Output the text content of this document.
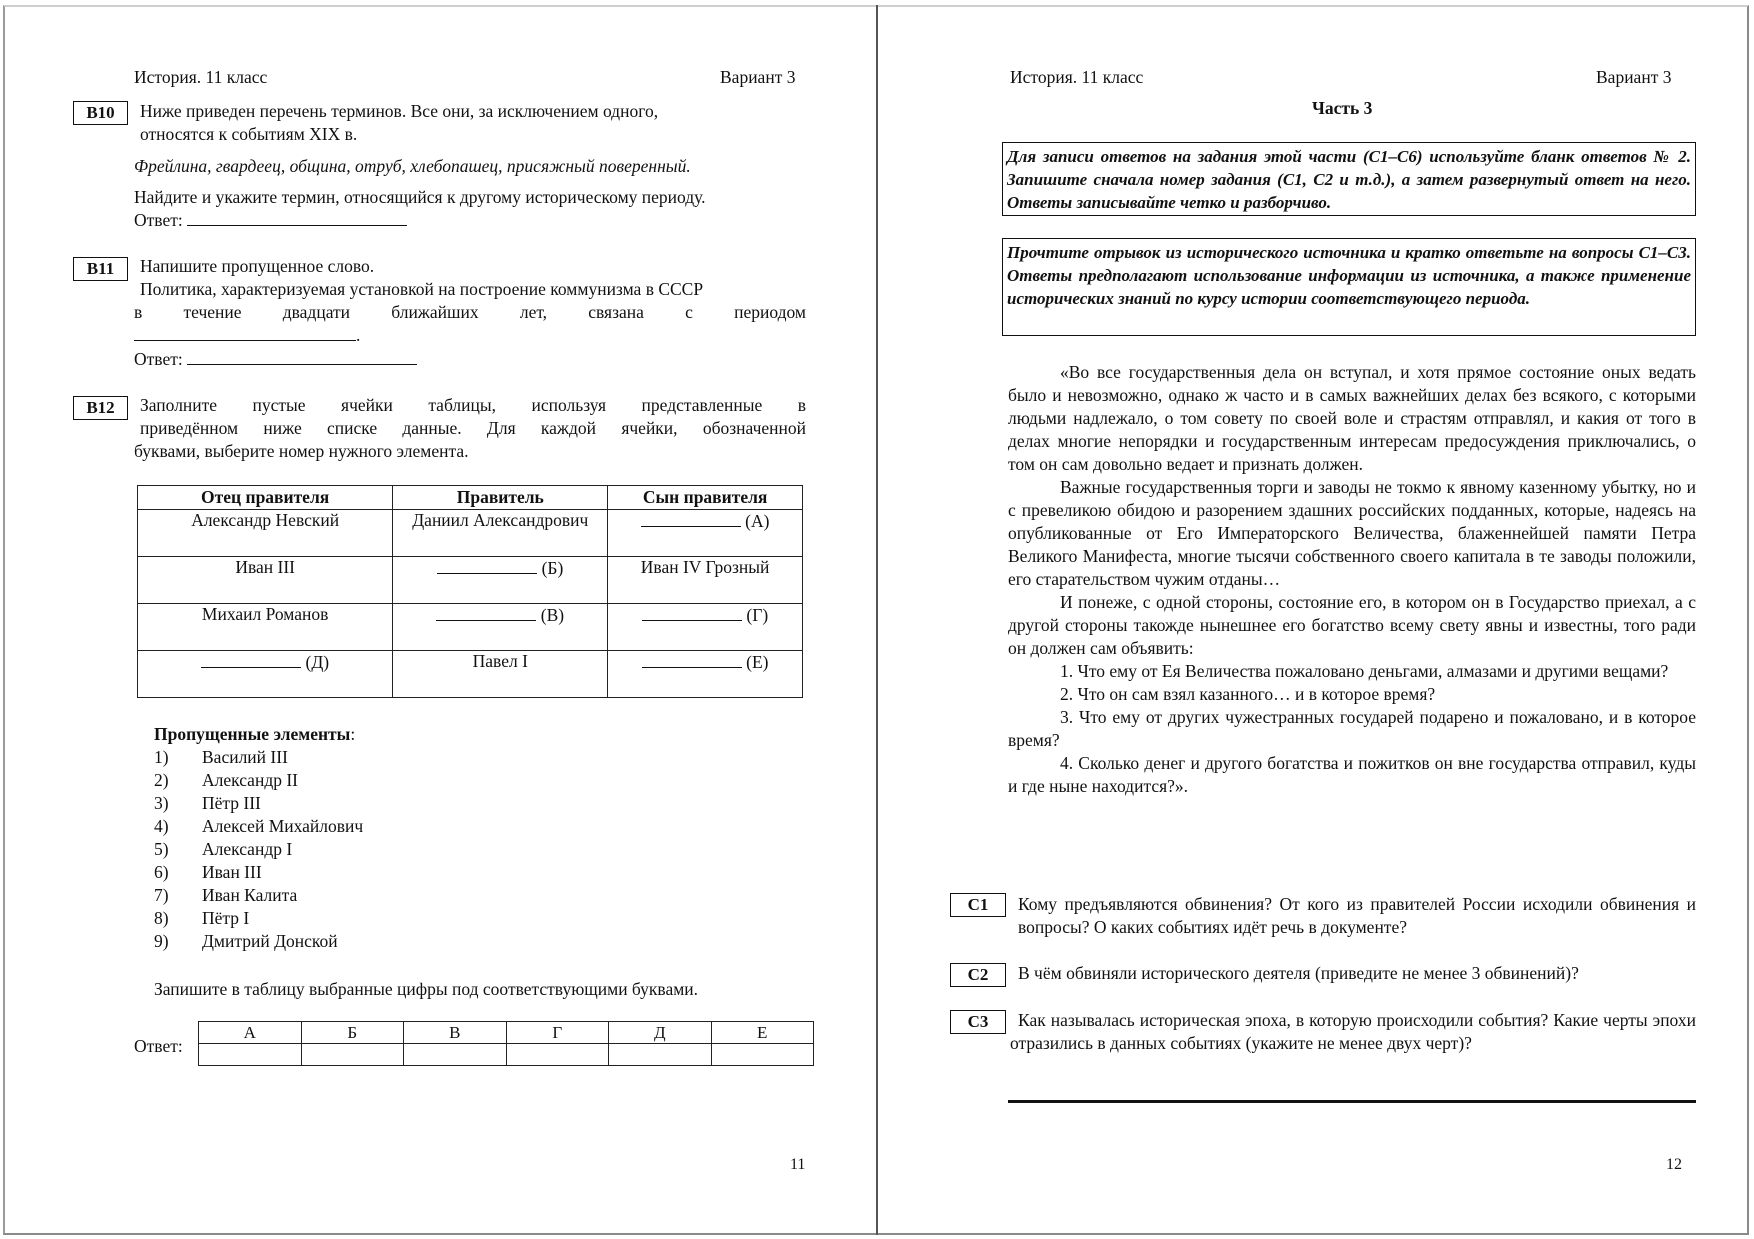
История. 11 класс	Вариант 3
B10	Ниже приведен перечень терминов. Все они, за исключением одного,
относятся к событиям XIX в.
Фрейлина, гвардеец, община, отруб, хлебопашец, присяжный поверенный.
Найдите и укажите термин, относящийся к другому историческому периоду.
Ответ:
B11	Напишите пропущенное слово.
Политика, характеризуемая установкой на построение коммунизма в СССР
в течение двадцати ближайших лет, связана с периодом
.
Ответ:
B12	Заполните пустые ячейки таблицы, используя представленные в
приведённом ниже списке данные. Для каждой ячейки, обозначенной
буквами, выберите номер нужного элемента.
Отец правителя	Правитель	Сын правителя
Александр Невский	Даниил Александрович	(А)
Иван III	(Б)	Иван IV Грозный
Михаил Романов	(В)	(Г)
(Д)	Павел I	(Е)
Пропущенные элементы:
1) Василий III
2) Александр II
3) Пётр III
4) Алексей Михайлович
5) Александр I
6) Иван III
7) Иван Калита
8) Пётр I
9) Дмитрий Донской
Запишите в таблицу выбранные цифры под соответствующими буквами.
Ответ:
А	Б	В	Г	Д	Е

11
История. 11 класс	Вариант 3
Часть 3
Для записи ответов на задания этой части (С1–С6) используйте бланк ответов № 2. Запишите сначала номер задания (С1, С2 и т.д.), а затем развернутый ответ на него. Ответы записывайте четко и разборчиво.
Прочтите отрывок из исторического источника и кратко ответьте на вопросы С1–С3. Ответы предполагают использование информации из источника, а также применение исторических знаний по курсу истории соответствующего периода.

«Во все государственныя дела он вступал, и хотя прямое состояние оных ведать было и невозможно, однако ж часто и в самых важнейших делах без всякого, с которыми людьми надлежало, о том совету по своей воле и страстям отправлял, и какия от того в делах многие непорядки и государственным интересам предосуждения приключались, о том он сам довольно ведает и признать должен.

Важные государственныя торги и заводы не токмо к явному казенному убытку, но и с превеликою обидою и разорением здашних российских подданных, которые, надеясь на опубликованные от Его Императорского Величества, блаженнейшей памяти Петра Великого Манифеста, многие тысячи собственного своего капитала в те заводы положили, его старательством чужим отданы…

И понеже, с одной стороны, состояние его, в котором он в Государство приехал, а с другой стороны такожде нынешнее его богатство всему свету явны и известны, того ради он должен сам объявить:

1. Что ему от Ея Величества пожаловано деньгами, алмазами и другими вещами?

2. Что он сам взял казанного… и в которое время?

3. Что ему от других чужестранных государей подарено и пожаловано, и в которое время?

4. Сколько денег и другого богатства и пожитков он вне государства отправил, куды и где ныне находится?».

С1	Кому предъявляются обвинения? От кого из правителей России исходили обвинения и вопросы? О каких событиях идёт речь в документе?
С2	В чём обвиняли исторического деятеля (приведите не менее 3 обвинений)?
С3	Как называлась историческая эпоха, в которую происходили события? Какие черты эпохи отразились в данных событиях (укажите не менее двух черт)?
12
